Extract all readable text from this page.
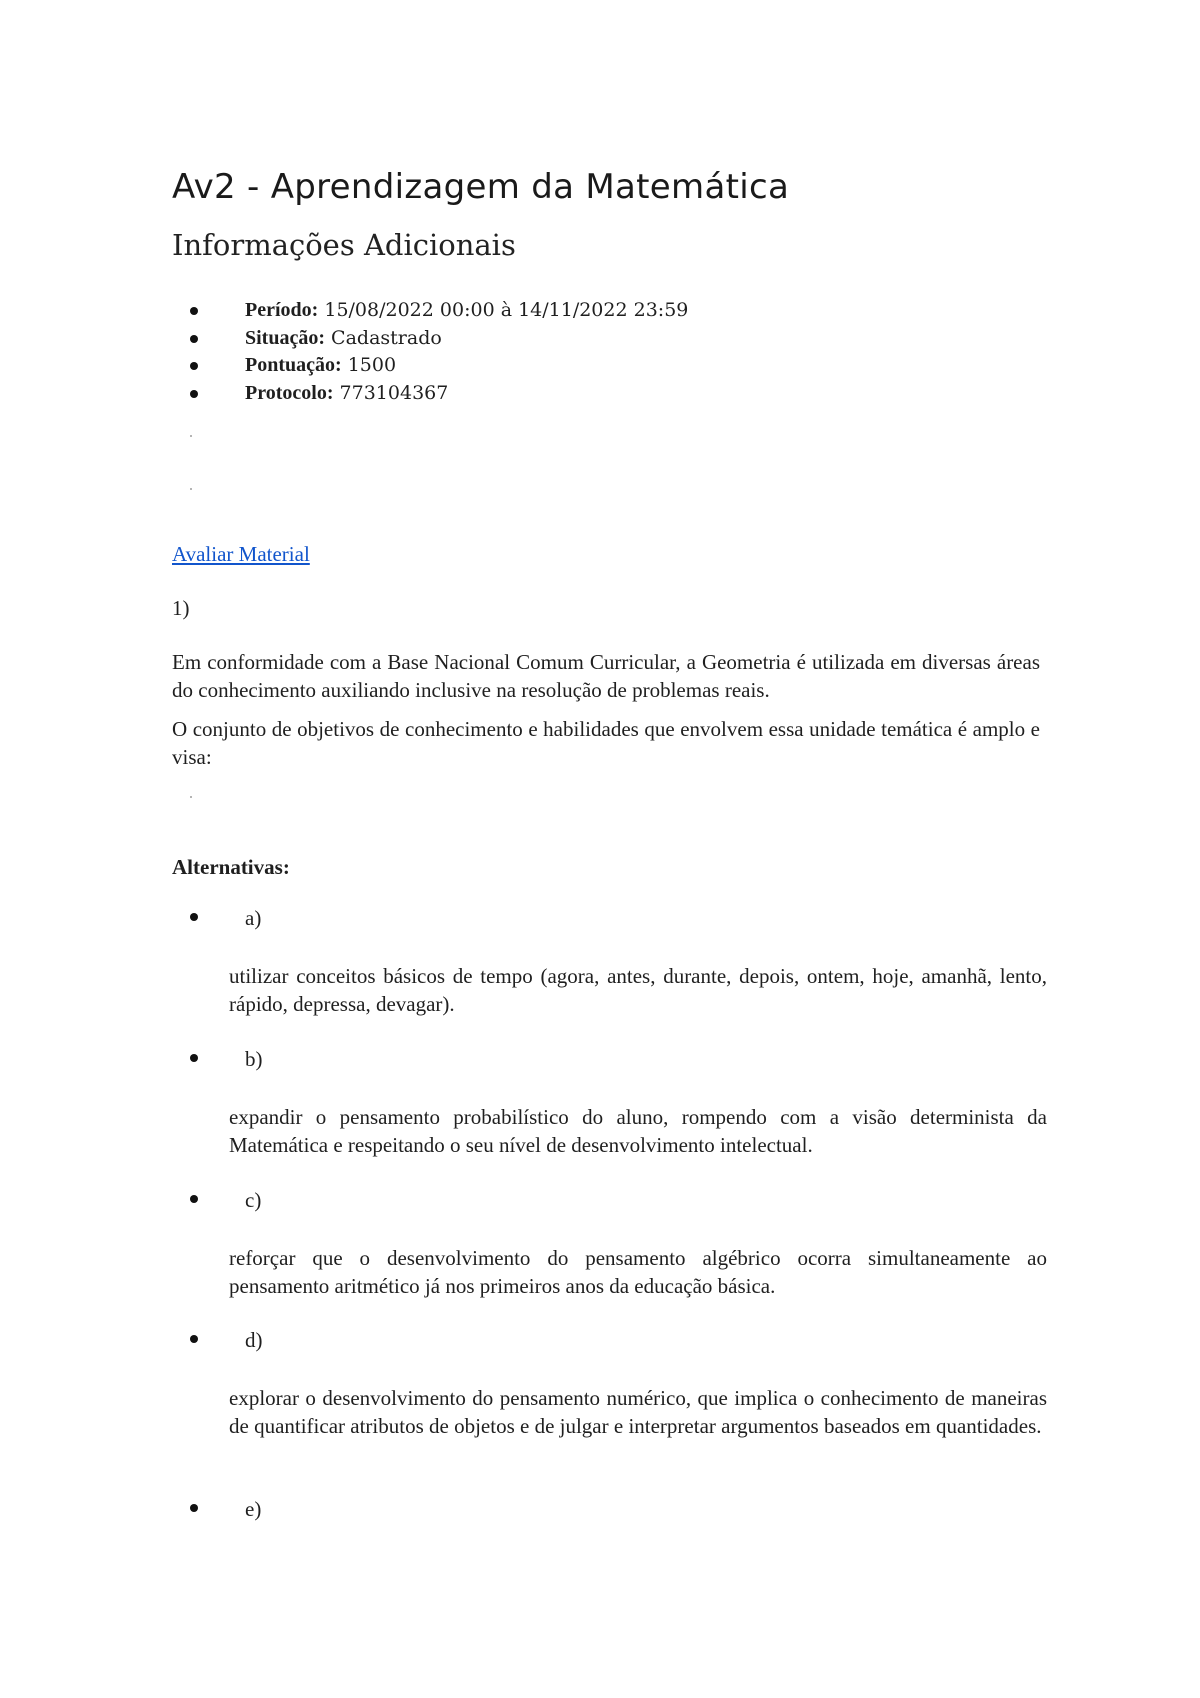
Av2 - Aprendizagem da Matemática
Informações Adicionais
Período: 15/08/2022 00:00 à 14/11/2022 23:59
Situação: Cadastrado
Pontuação: 1500
Protocolo: 773104367
Avaliar Material
1)

Em conformidade com a Base Nacional Comum Curricular, a Geometria é utilizada em diversas áreas do conhecimento auxiliando inclusive na resolução de problemas reais.

O conjunto de objetivos de conhecimento e habilidades que envolvem essa unidade temática é amplo e visa:

Alternativas:
a)

utilizar conceitos básicos de tempo (agora, antes, durante, depois, ontem, hoje, amanhã, lento, rápido, depressa, devagar).

b)

expandir o pensamento probabilístico do aluno, rompendo com a visão determinista da Matemática e respeitando o seu nível de desenvolvimento intelectual.

c)

reforçar que o desenvolvimento do pensamento algébrico ocorra simultaneamente ao pensamento aritmético já nos primeiros anos da educação básica.

d)

explorar o desenvolvimento do pensamento numérico, que implica o conhecimento de maneiras de quantificar atributos de objetos e de julgar e interpretar argumentos baseados em quantidades.

e)
